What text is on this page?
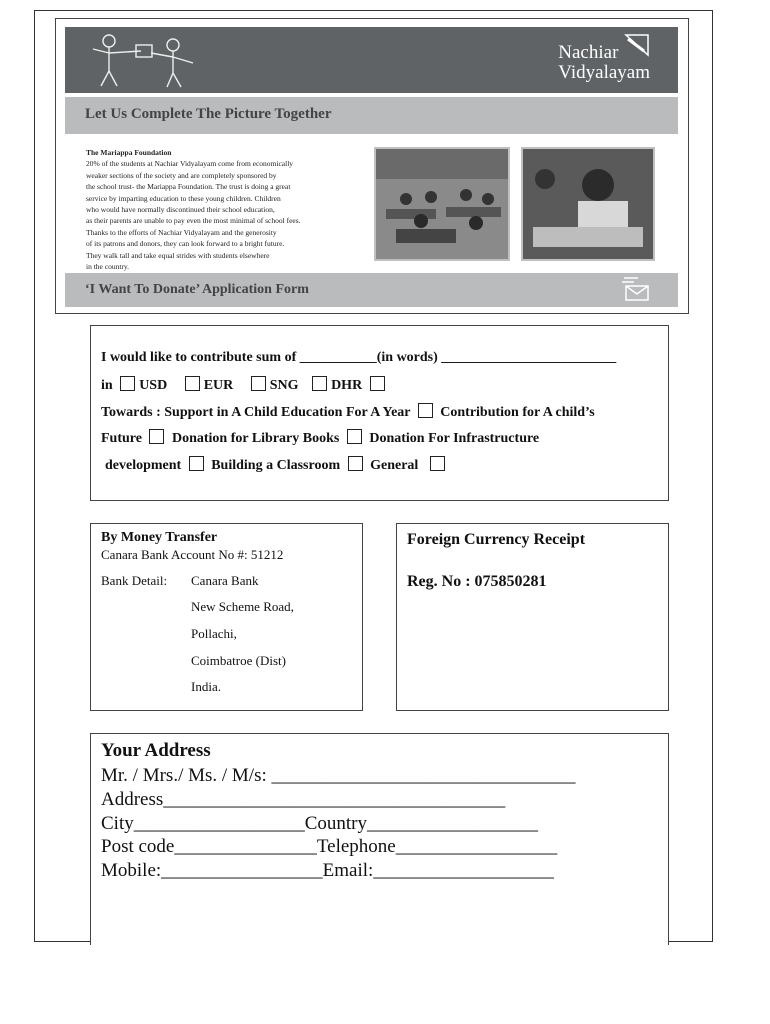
Nachiar
Vidyalayam
Let Us Complete The Picture Together
The Mariappa Foundation
20% of the students at Nachiar Vidyalayam come from economically
weaker sections of the society and are completely sponsored by
the school trust- the Mariappa Foundation. The trust is doing a great
service by imparting education to these young children. Children
who would have normally discontinued their school education,
as their parents are unable to pay even the most minimal of school fees.
Thanks to the efforts of Nachiar Vidyalayam and the generosity
of its patrons and donors, they can look forward to a bright future.
They walk tall and take equal strides with students elsewhere
in the country.
‘I Want To Donate’ Application Form
I would like to contribute sum of ___________(in words) _________________________
in USD	EUR	SNG DHR
Towards : Support in A Child Education For A Year Contribution for A child’s
Future Donation for Library Books Donation For Infrastructure
development Building a Classroom General
By Money Transfer
Canara Bank Account No #: 51212
Bank Detail: Canara Bank
New Scheme Road,
Pollachi,
Coimbatroe (Dist)
India.
Foreign Currency Receipt
Reg. No : 075850281
Your Address
Mr. / Mrs./ Ms. / M/s: ________________________________
Address____________________________________
City__________________Country__________________
Post code_______________Telephone_________________
Mobile:_________________Email:___________________
